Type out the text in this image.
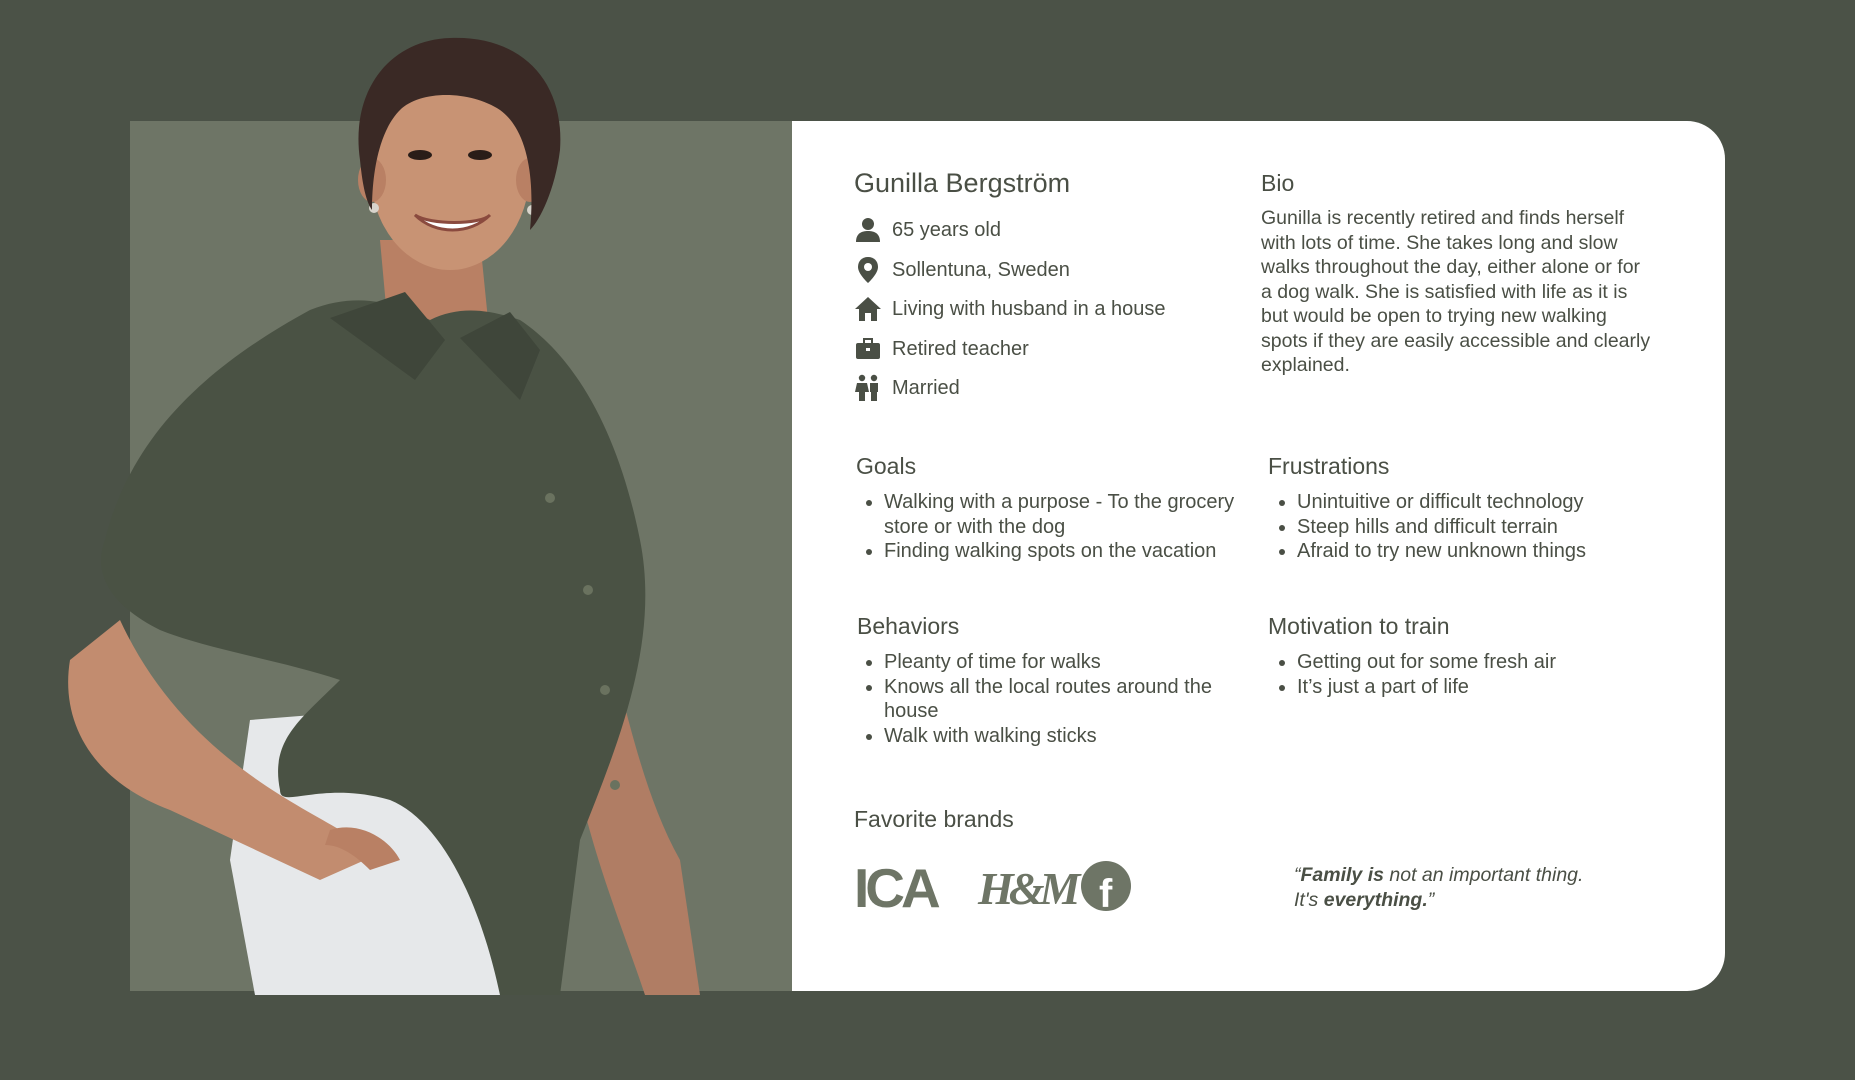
Gunilla Bergström
65 years old
Sollentuna, Sweden
Living with husband in a house
Retired teacher
Married
Bio
Gunilla is recently retired and finds herself with lots of time. She takes long and slow walks throughout the day, either alone or for a dog walk. She is satisfied with life as it is but would be open to trying new walking spots if they are easily accessible and clearly explained.
Goals
• Walking with a purpose - To the grocery store or with the dog
• Finding walking spots on the vacation
Frustrations
• Unintuitive or difficult technology
• Steep hills and difficult terrain
• Afraid to try new unknown things
Behaviors
• Pleanty of time for walks
• Knows all the local routes around the house
• Walk with walking sticks
Motivation to train
• Getting out for some fresh air
• It’s just a part of life
Favorite brands
ICA H&M f	“Family is not an important thing.
It's everything.”
